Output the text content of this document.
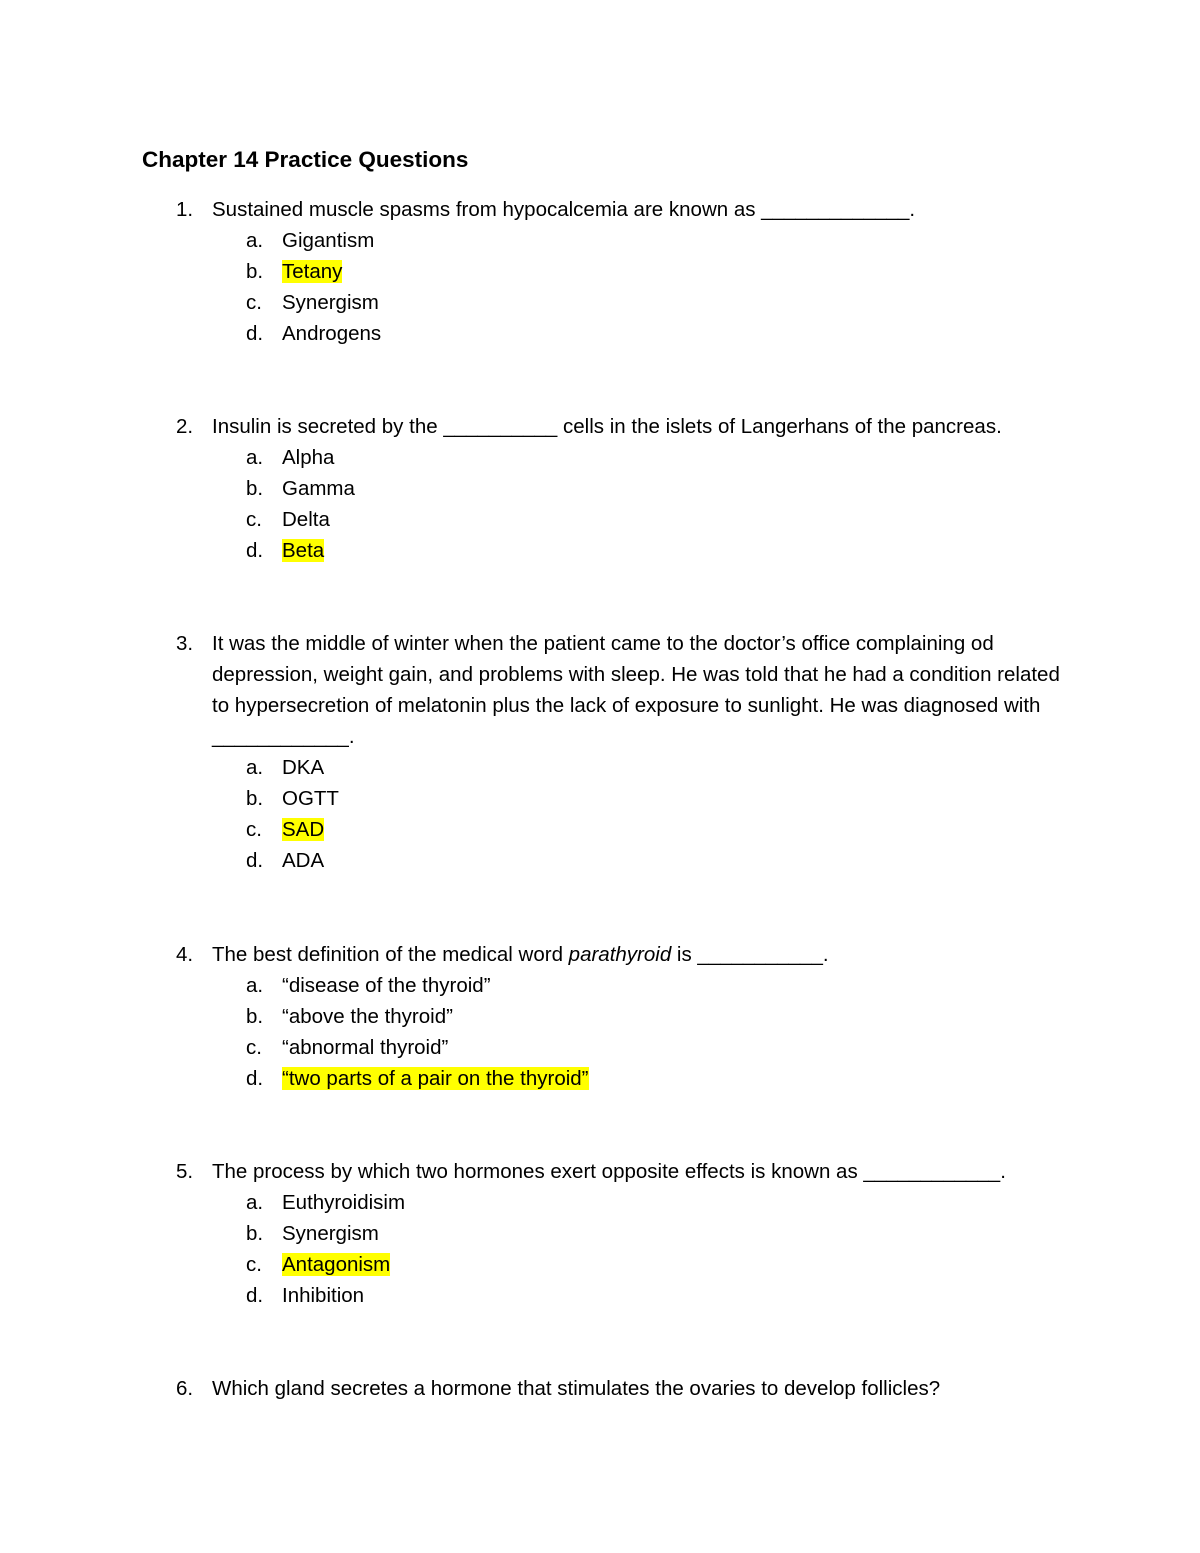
Chapter 14 Practice Questions
1. Sustained muscle spasms from hypocalcemia are known as _____________.
a. Gigantism
b. Tetany
c. Synergism
d. Androgens
2. Insulin is secreted by the __________ cells in the islets of Langerhans of the pancreas.
a. Alpha
b. Gamma
c. Delta
d. Beta
3. It was the middle of winter when the patient came to the doctor’s office complaining od depression, weight gain, and problems with sleep. He was told that he had a condition related to hypersecretion of melatonin plus the lack of exposure to sunlight. He was diagnosed with ____________.
a. DKA
b. OGTT
c. SAD
d. ADA
4. The best definition of the medical word parathyroid is ___________.
a. “disease of the thyroid”
b. “above the thyroid”
c. “abnormal thyroid”
d. “two parts of a pair on the thyroid”
5. The process by which two hormones exert opposite effects is known as ____________.
a. Euthyroidisim
b. Synergism
c. Antagonism
d. Inhibition
6. Which gland secretes a hormone that stimulates the ovaries to develop follicles?
